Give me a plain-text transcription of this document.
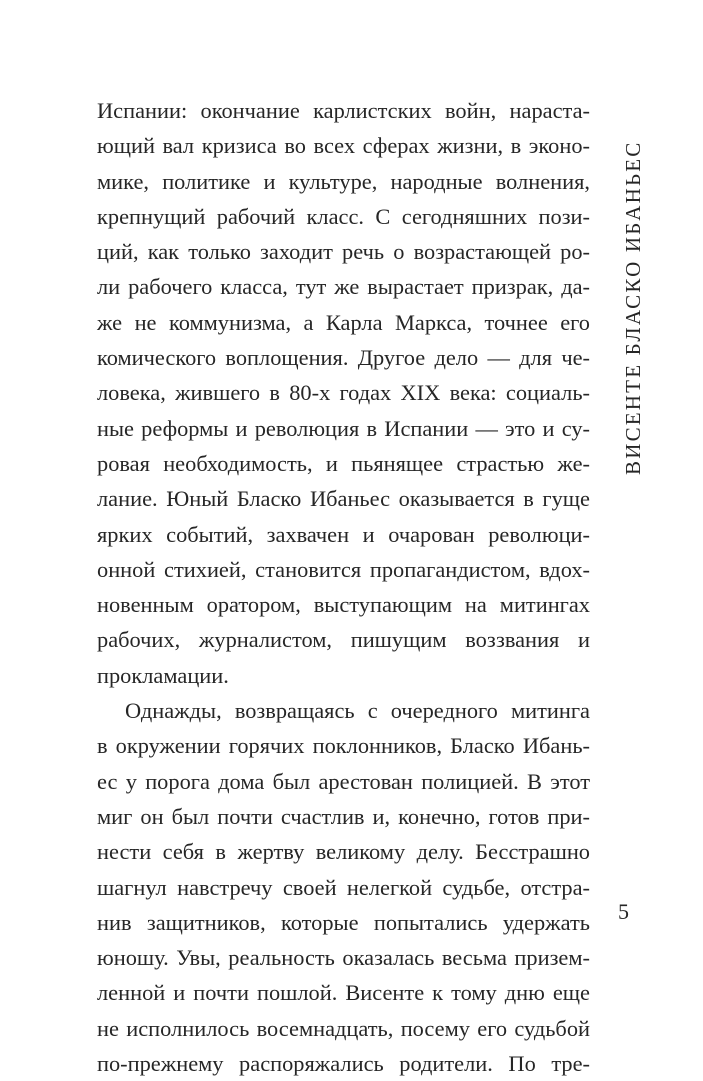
Испании: окончание карлистских войн, нараста-
ющий вал кризиса во всех сферах жизни, в эконо-
мике, политике и культуре, народные волнения,
крепнущий рабочий класс. С сегодняшних пози-
ций, как только заходит речь о возрастающей ро-
ли рабочего класса, тут же вырастает призрак, да-
же не коммунизма, а Карла Маркса, точнее его
комического воплощения. Другое дело — для че-
ловека, жившего в 80-х годах XIX века: социаль-
ные реформы и революция в Испании — это и су-
ровая необходимость, и пьянящее страстью же-
лание. Юный Бласко Ибаньес оказывается в гуще
ярких событий, захвачен и очарован революци-
онной стихией, становится пропагандистом, вдох-
новенным оратором, выступающим на митингах
рабочих, журналистом, пишущим воззвания и
прокламации.
Однажды, возвращаясь с очередного митинга
в окружении горячих поклонников, Бласко Ибань-
ес у порога дома был арестован полицией. В этот
миг он был почти счастлив и, конечно, готов при-
нести себя в жертву великому делу. Бесстрашно
шагнул навстречу своей нелегкой судьбе, отстра-
нив защитников, которые попытались удержать
юношу. Увы, реальность оказалась весьма призем-
ленной и почти пошлой. Висенте к тому дню еще
не исполнилось восемнадцать, посему его судьбой
по-прежнему распоряжались родители. По тре-
ВИСЕНТЕ БЛАСКО ИБАНЬЕС
5
